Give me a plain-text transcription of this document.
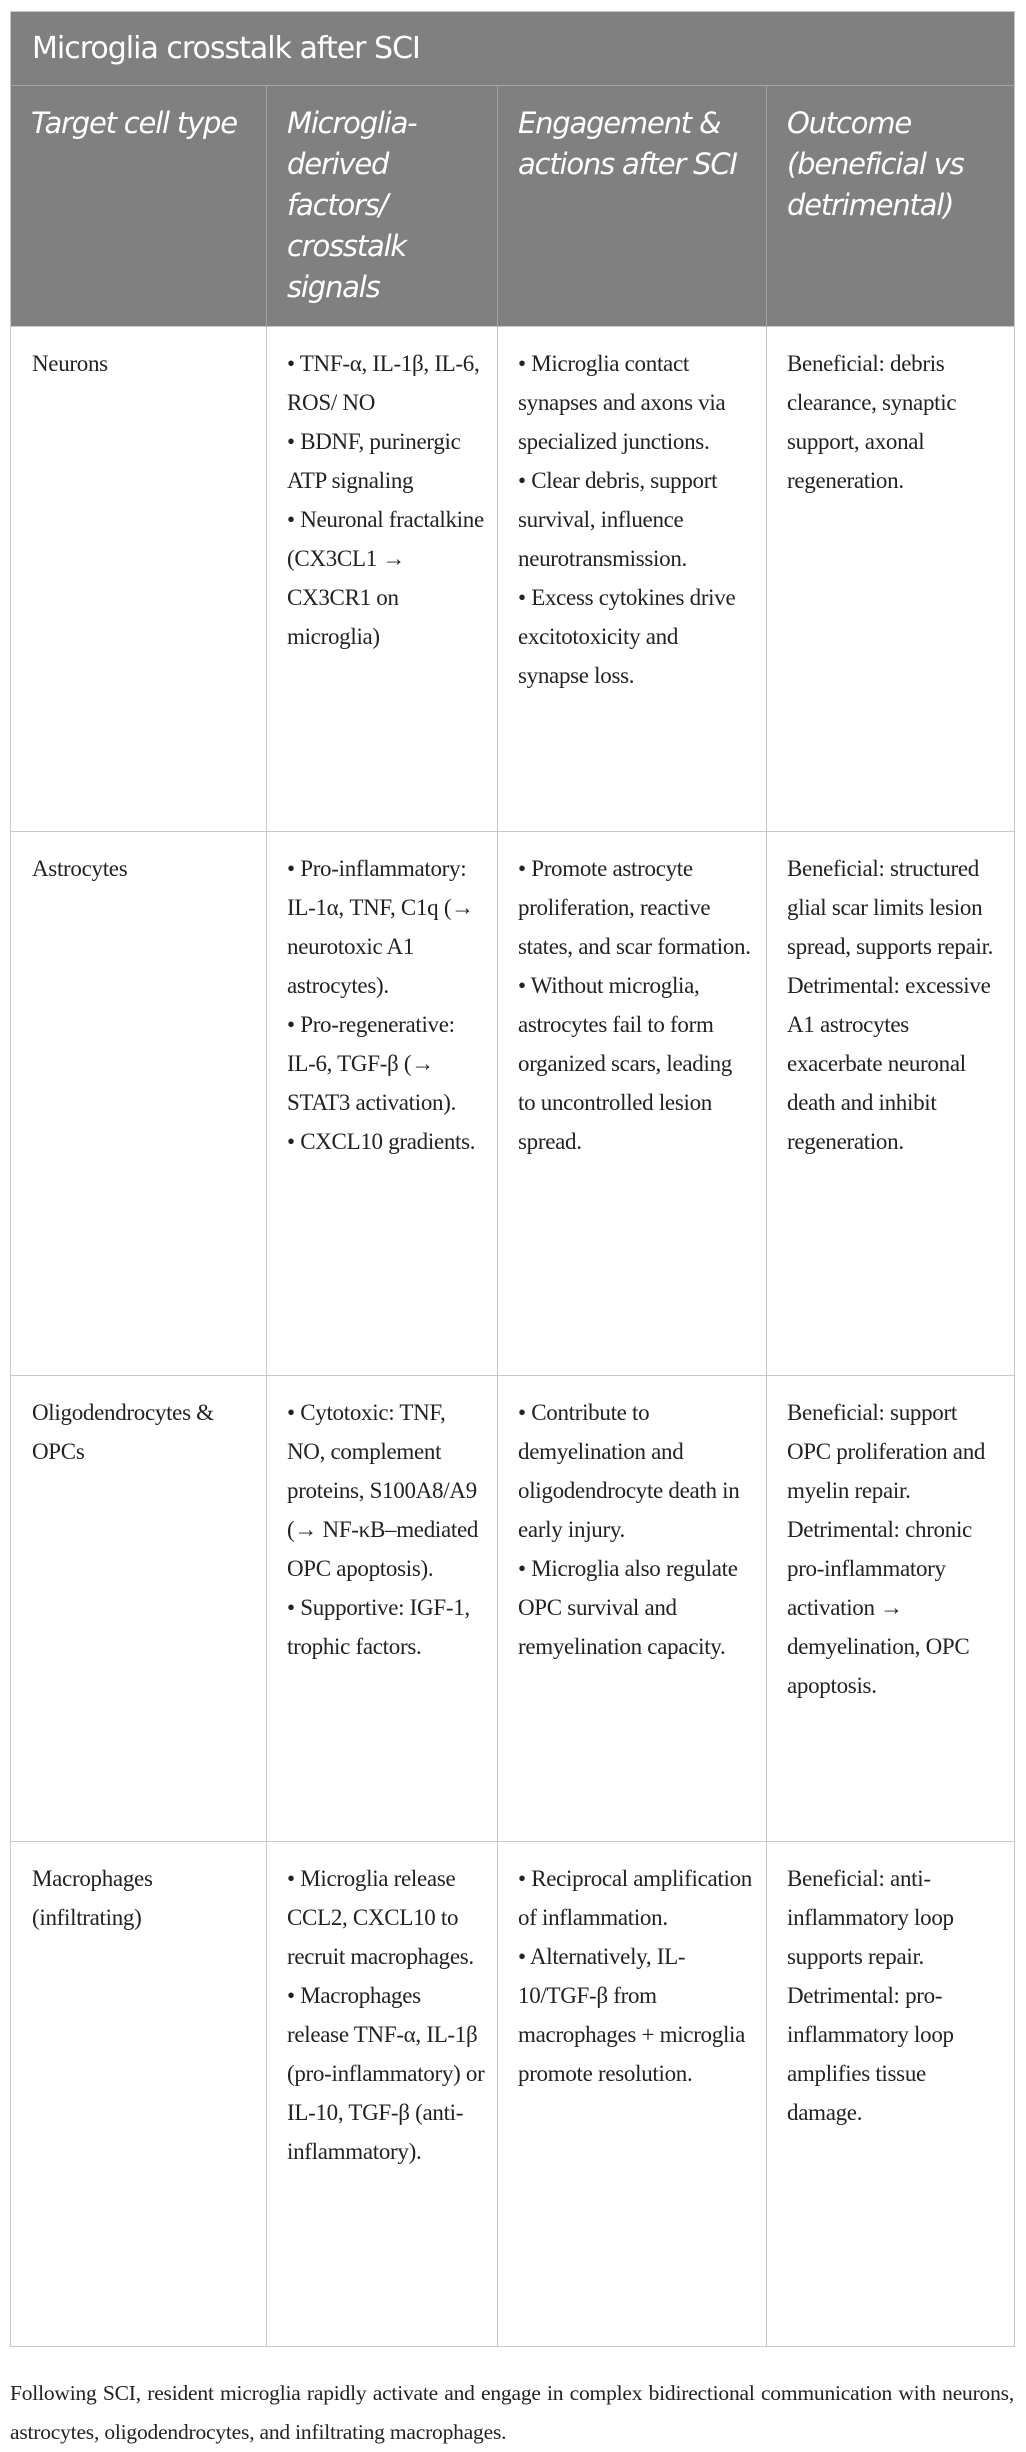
Microglia crosstalk after SCI			
Target cell type	Microglia-derived factors/ crosstalk signals	Engagement & actions after SCI	Outcome (beneficial vs detrimental)
Neurons	• TNF-α, IL-1β, IL-6, ROS/ NO
• BDNF, purinergic ATP signaling
• Neuronal fractalkine (CX3CL1 → CX3CR1 on microglia)	• Microglia contact synapses and axons via specialized junctions.
• Clear debris, support survival, influence neurotransmission.
• Excess cytokines drive excitotoxicity and synapse loss.	Beneficial: debris clearance, synaptic support, axonal regeneration.

Astrocytes	• Pro-inflammatory: IL-1α, TNF, C1q (→ neurotoxic A1 astrocytes).
• Pro-regenerative: IL-6, TGF-β (→ STAT3 activation).
• CXCL10 gradients.	• Promote astrocyte proliferation, reactive states, and scar formation.
• Without microglia, astrocytes fail to form organized scars, leading to uncontrolled lesion spread.	Beneficial: structured glial scar limits lesion spread, supports repair.
Detrimental: excessive A1 astrocytes exacerbate neuronal death and inhibit regeneration.

Oligodendrocytes & OPCs	• Cytotoxic: TNF, NO, complement proteins, S100A8/A9 (→ NF-κB–mediated OPC apoptosis).
• Supportive: IGF-1, trophic factors.	• Contribute to demyelination and oligodendrocyte death in early injury.
• Microglia also regulate OPC survival and remyelination capacity.	Beneficial: support OPC proliferation and myelin repair.
Detrimental: chronic pro-inflammatory activation → demyelination, OPC apoptosis.

Macrophages (infiltrating)	• Microglia release CCL2, CXCL10 to recruit macrophages.
• Macrophages release TNF-α, IL-1β (pro-inflammatory) or IL-10, TGF-β (anti-inflammatory).	• Reciprocal amplification of inflammation.
• Alternatively, IL-10/TGF-β from macrophages + microglia promote resolution.	Beneficial: anti-inflammatory loop supports repair.
Detrimental: pro-inflammatory loop amplifies tissue damage.

Following SCI, resident microglia rapidly activate and engage in complex bidirectional communication with neurons, astrocytes, oligodendrocytes, and infiltrating macrophages.
